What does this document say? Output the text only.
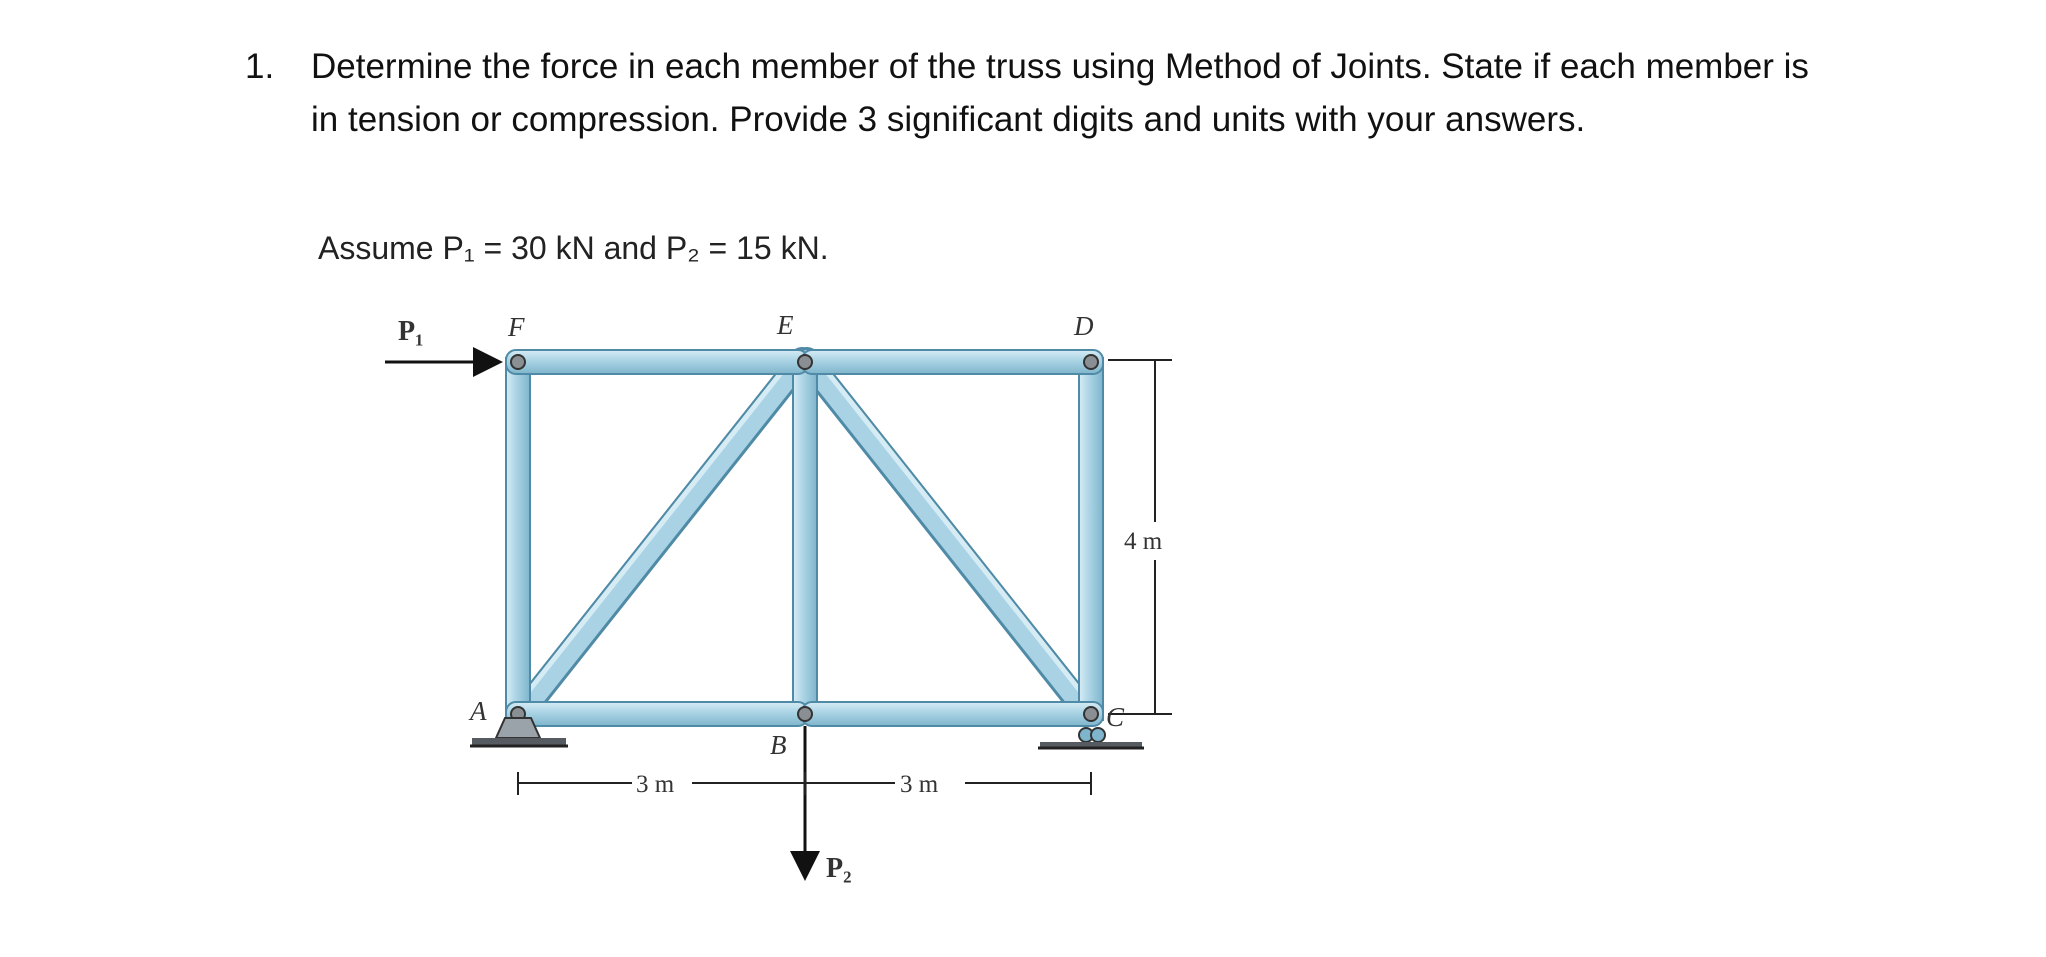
1. Determine the force in each member of the truss using Method of Joints. State if each member is in tension or compression. Provide 3 significant digits and units with your answers.
Assume P₁ = 30 kN and P₂ = 15 kN.
F	E	D
A
B
C
P₁
P₂
3 m	3 m
4 m
